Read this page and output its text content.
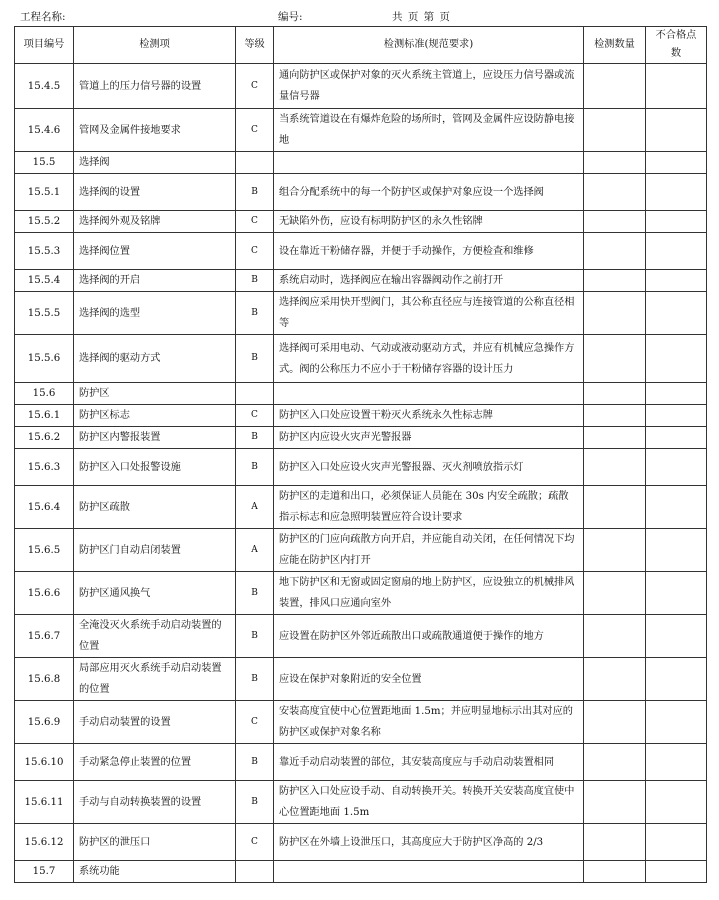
工程名称:	编号:	共 页 第 页
项目编号	检测项	等级	检测标准(规范要求)	检测数量	不合格点数
15.4.5	管道上的压力信号器的设置	C	通向防护区或保护对象的灭火系统主管道上，应设压力信号器或流量信号器		
15.4.6	管网及金属件接地要求	C	当系统管道设在有爆炸危险的场所时，管网及金属件应设防静电接地		
15.5	选择阀				
15.5.1	选择阀的设置	B	组合分配系统中的每一个防护区或保护对象应设一个选择阀		
15.5.2	选择阀外观及铭牌	C	无缺陷外伤，应设有标明防护区的永久性铭牌		
15.5.3	选择阀位置	C	设在靠近干粉储存器，并便于手动操作，方便检查和维修		
15.5.4	选择阀的开启	B	系统启动时，选择阀应在输出容器阀动作之前打开		
15.5.5	选择阀的选型	B	选择阀应采用快开型阀门，其公称直径应与连接管道的公称直径相等		
15.5.6	选择阀的驱动方式	B	选择阀可采用电动、气动或液动驱动方式，并应有机械应急操作方式。阀的公称压力不应小于干粉储存容器的设计压力		
15.6	防护区				
15.6.1	防护区标志	C	防护区入口处应设置干粉灭火系统永久性标志牌		
15.6.2	防护区内警报装置	B	防护区内应设火灾声光警报器		
15.6.3	防护区入口处报警设施	B	防护区入口处应设火灾声光警报器、灭火剂喷放指示灯		
15.6.4	防护区疏散	A	防护区的走道和出口，必须保证人员能在 30s 内安全疏散；疏散指示标志和应急照明装置应符合设计要求		
15.6.5	防护区门自动启闭装置	A	防护区的门应向疏散方向开启，并应能自动关闭，在任何情况下均应能在防护区内打开		
15.6.6	防护区通风换气	B	地下防护区和无窗或固定窗扇的地上防护区，应设独立的机械排风装置，排风口应通向室外		
15.6.7	全淹没灭火系统手动启动装置的位置	B	应设置在防护区外邻近疏散出口或疏散通道便于操作的地方		
15.6.8	局部应用灭火系统手动启动装置的位置	B	应设在保护对象附近的安全位置		
15.6.9	手动启动装置的设置	C	安装高度宜使中心位置距地面 1.5m；并应明显地标示出其对应的防护区或保护对象名称		
15.6.10	手动紧急停止装置的位置	B	靠近手动启动装置的部位，其安装高度应与手动启动装置相同		
15.6.11	手动与自动转换装置的设置	B	防护区入口处应设手动、自动转换开关。转换开关安装高度宜使中心位置距地面 1.5m		
15.6.12	防护区的泄压口	C	防护区在外墙上设泄压口，其高度应大于防护区净高的 2/3		
15.7	系统功能				
